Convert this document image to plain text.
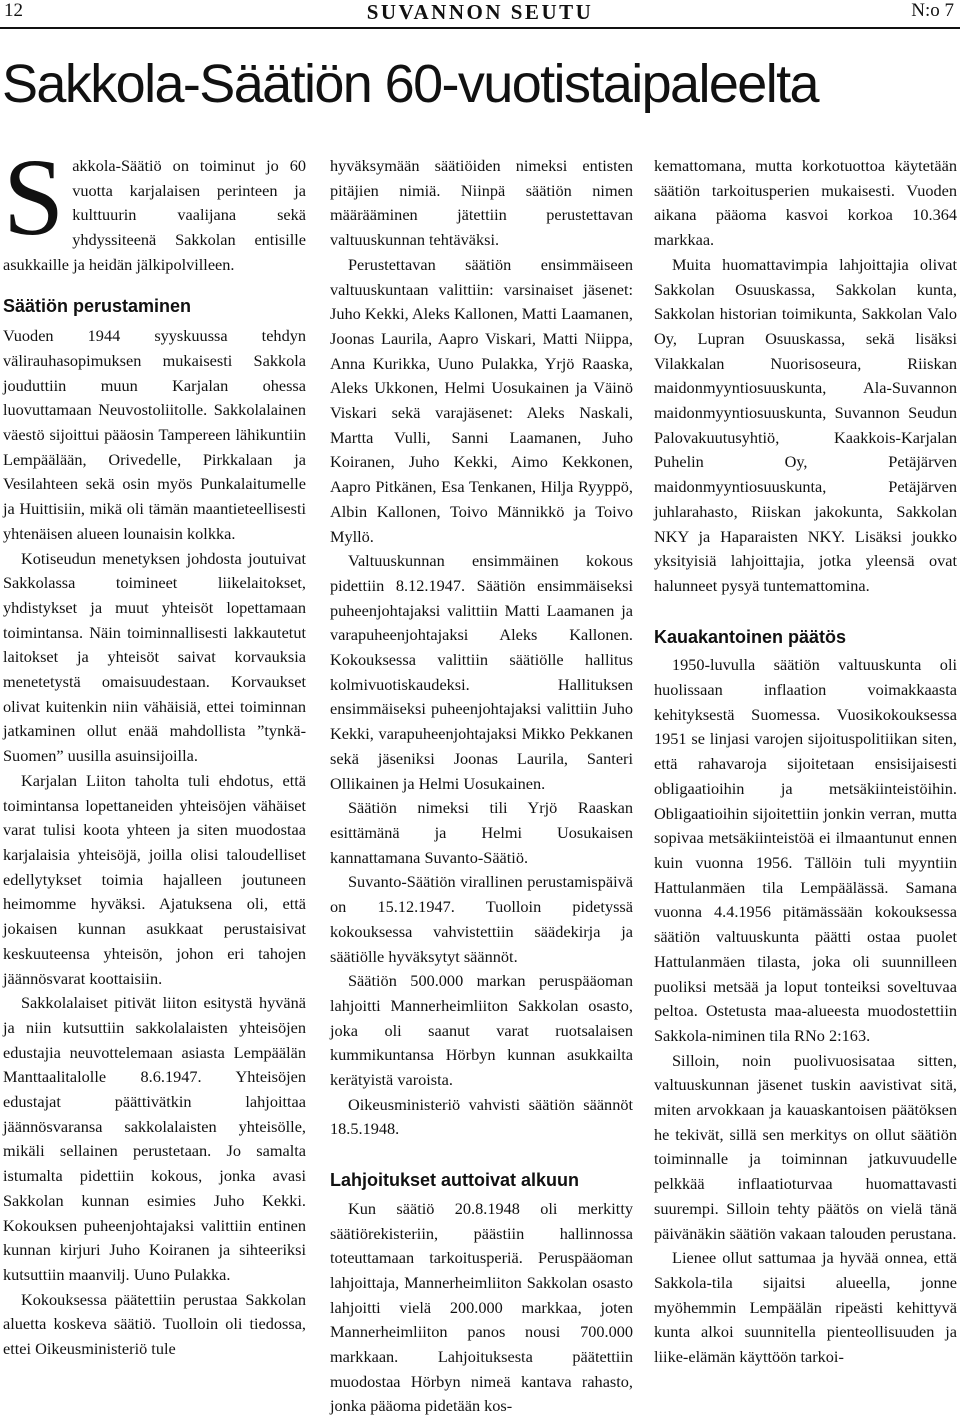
12	SUVANNON SEUTU	N:o 7
Sakkola-Säätiön 60-vuotistaipaleelta

Sakkola-Säätiö on toiminut jo 60 vuotta karjalaisen perinteen ja kulttuurin vaalijana sekä yhdyssiteenä Sakkolan entisille asukkaille ja heidän jälkipolvilleen.

Säätiön perustaminen

Vuoden 1944 syyskuussa tehdyn välirauhasopimuksen mukaisesti Sakkola jouduttiin muun Karjalan ohessa luovuttamaan Neuvostoliitolle. Sakkolalainen väestö sijoittui pääosin Tampereen lähikuntiin Lempäälään, Orivedelle, Pirkkalaan ja Vesilahteen sekä osin myös Punkalaitumelle ja Huittisiin, mikä oli tämän maantieteellisesti yhtenäisen alueen lounaisin kolkka.

Kotiseudun menetyksen johdosta joutuivat Sakkolassa toimineet liikelaitokset, yhdistykset ja muut yhteisöt lopettamaan toimintansa. Näin toiminnallisesti lakkautetut laitokset ja yhteisöt saivat korvauksia menetetystä omaisuudestaan. Korvaukset olivat kuitenkin niin vähäisiä, ettei toiminnan jatkaminen ollut enää mahdollista ”tynkä-Suomen” uusilla asuinsijoilla.

Karjalan Liiton taholta tuli ehdotus, että toimintansa lopettaneiden yhteisöjen vähäiset varat tulisi koota yhteen ja siten muodostaa karjalaisia yhteisöjä, joilla olisi taloudelliset edellytykset toimia hajalleen joutuneen heimomme hyväksi. Ajatuksena oli, että jokaisen kunnan asukkaat perustaisivat keskuuteensa yhteisön, johon eri tahojen jäännösvarat koottaisiin.

Sakkolalaiset pitivät liiton esitystä hyvänä ja niin kutsuttiin sakkolalaisten yhteisöjen edustajia neuvottelemaan asiasta Lempäälän Manttaalitalolle 8.6.1947. Yhteisöjen edustajat päättivätkin lahjoittaa jäännösvaransa sakkolalaisten yhteisölle, mikäli sellainen perustetaan. Jo samalta istumalta pidettiin kokous, jonka avasi Sakkolan kunnan esimies Juho Kekki. Kokouksen puheenjohtajaksi valittiin entinen kunnan kirjuri Juho Koiranen ja sihteeriksi kutsuttiin maanvilj. Uuno Pulakka.

Kokouksessa päätettiin perustaa Sakkolan aluetta koskeva säätiö. Tuolloin oli tiedossa, ettei Oikeusministeriö tule

hyväksymään säätiöiden nimeksi entisten pitäjien nimiä. Niinpä säätiön nimen määrääminen jätettiin perustettavan valtuuskunnan tehtäväksi.

Perustettavan säätiön ensimmäiseen valtuuskuntaan valittiin: varsinaiset jäsenet: Juho Kekki, Aleks Kallonen, Matti Laamanen, Joonas Laurila, Aapro Viskari, Matti Niippa, Anna Kurikka, Uuno Pulakka, Yrjö Raaska, Aleks Ukkonen, Helmi Uosukainen ja Väinö Viskari sekä varajäsenet: Aleks Naskali, Martta Vulli, Sanni Laamanen, Juho Koiranen, Juho Kekki, Aimo Kekkonen, Aapro Pitkänen, Esa Tenkanen, Hilja Ryyppö, Albin Kallonen, Toivo Männikkö ja Toivo Myllö.

Valtuuskunnan ensimmäinen kokous pidettiin 8.12.1947. Säätiön ensimmäiseksi puheenjohtajaksi valittiin Matti Laamanen ja varapuheenjohtajaksi Aleks Kallonen. Kokouksessa valittiin säätiölle hallitus kolmivuotiskaudeksi. Hallituksen ensimmäiseksi puheenjohtajaksi valittiin Juho Kekki, varapuheenjohtajaksi Mikko Pekkanen sekä jäseniksi Joonas Laurila, Santeri Ollikainen ja Helmi Uosukainen.

Säätiön nimeksi tili Yrjö Raaskan esittämänä ja Helmi Uosukaisen kannattamana Suvanto-Säätiö.

Suvanto-Säätiön virallinen perustamispäivä on 15.12.1947. Tuolloin pidetyssä kokouksessa vahvistettiin säädekirja ja säätiölle hyväksytyt säännöt.

Säätiön 500.000 markan peruspääoman lahjoitti Mannerheimliiton Sakkolan osasto, joka oli saanut varat ruotsalaisen kummikuntansa Hörbyn kunnan asukkailta kerätyistä varoista.

Oikeusministeriö vahvisti säätiön säännöt 18.5.1948.

Lahjoitukset auttoivat alkuun

Kun säätiö 20.8.1948 oli merkitty säätiörekisteriin, päästiin hallinnossa toteuttamaan tarkoitusperiä. Peruspääoman lahjoittaja, Mannerheimliiton Sakkolan osasto lahjoitti vielä 200.000 markkaa, joten Mannerheimliiton panos nousi 700.000 markkaan. Lahjoituksesta päätettiin muodostaa Hörbyn nimeä kantava rahasto, jonka pääoma pidetään kos-

kemattomana, mutta korkotuottoa käytetään säätiön tarkoitusperien mukaisesti. Vuoden aikana pääoma kasvoi korkoa 10.364 markkaa.

Muita huomattavimpia lahjoittajia olivat Sakkolan Osuuskassa, Sakkolan kunta, Sakkolan historian toimikunta, Sakkolan Valo Oy, Lupran Osuuskassa, sekä lisäksi Vilakkalan Nuorisoseura, Riiskan maidonmyyntiosuuskunta, Ala-Suvannon maidonmyyntiosuuskunta, Suvannon Seudun Palovakuutusyhtiö, Kaakkois-Karjalan Puhelin Oy, Petäjärven maidonmyyntiosuuskunta, Petäjärven juhlarahasto, Riiskan jakokunta, Sakkolan NKY ja Haparaisten NKY. Lisäksi joukko yksityisiä lahjoittajia, jotka yleensä ovat halunneet pysyä tuntemattomina.

Kauakantoinen päätös

1950-luvulla säätiön valtuuskunta oli huolissaan inflaation voimakkaasta kehityksestä Suomessa. Vuosikokouksessa 1951 se linjasi varojen sijoituspolitiikan siten, että rahavaroja sijoitetaan ensisijaisesti obligaatioihin ja metsäkiinteistöihin. Obligaatioihin sijoitettiin jonkin verran, mutta sopivaa metsäkiinteistöä ei ilmaantunut ennen kuin vuonna 1956. Tällöin tuli myyntiin Hattulanmäen tila Lempäälässä. Samana vuonna 4.4.1956 pitämässään kokouksessa säätiön valtuuskunta päätti ostaa puolet Hattulanmäen tilasta, joka oli suunnilleen puoliksi metsää ja loput tonteiksi soveltuvaa peltoa. Ostetusta maa-alueesta muodostettiin Sakkola-niminen tila RNo 2:163.

Silloin, noin puolivuosisataa sitten, valtuuskunnan jäsenet tuskin aavistivat sitä, miten arvokkaan ja kauaskantoisen päätöksen he tekivät, sillä sen merkitys on ollut säätiön toiminnalle ja toiminnan jatkuvuudelle pelkkää inflaatioturvaa huomattavasti suurempi. Silloin tehty päätös on vielä tänä päivänäkin säätiön vakaan talouden perustana.

Lienee ollut sattumaa ja hyvää onnea, että Sakkola-tila sijaitsi alueella, jonne myöhemmin Lempäälän ripeästi kehittyvä kunta alkoi suunnitella pienteollisuuden ja liike-elämän käyttöön tarkoi-
